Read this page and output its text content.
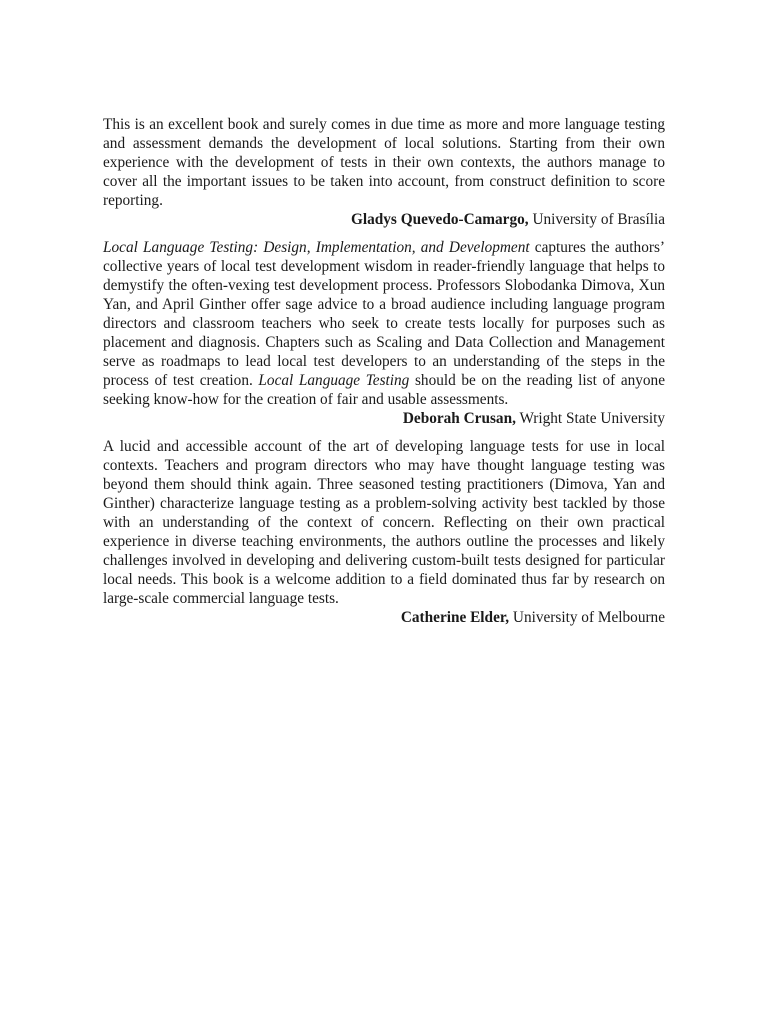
This is an excellent book and surely comes in due time as more and more language testing and assessment demands the development of local solutions. Starting from their own experience with the development of tests in their own contexts, the authors manage to cover all the important issues to be taken into account, from construct definition to score reporting.

Gladys Quevedo-Camargo, University of Brasília

Local Language Testing: Design, Implementation, and Development captures the authors’ collective years of local test development wisdom in reader-friendly language that helps to demystify the often-vexing test development process. Professors Slobodanka Dimova, Xun Yan, and April Ginther offer sage advice to a broad audience including language program directors and classroom teachers who seek to create tests locally for purposes such as placement and diagnosis. Chapters such as Scaling and Data Collection and Management serve as roadmaps to lead local test developers to an understanding of the steps in the process of test creation. Local Language Testing should be on the reading list of anyone seeking know-how for the creation of fair and usable assessments.

Deborah Crusan, Wright State University

A lucid and accessible account of the art of developing language tests for use in local contexts. Teachers and program directors who may have thought language testing was beyond them should think again. Three seasoned testing practitioners (Dimova, Yan and Ginther) characterize language testing as a problem-solving activity best tackled by those with an understanding of the context of concern. Reflecting on their own practical experience in diverse teaching environments, the authors outline the processes and likely challenges involved in developing and delivering custom-built tests designed for particular local needs. This book is a welcome addition to a field dominated thus far by research on large-scale commercial language tests.

Catherine Elder, University of Melbourne
